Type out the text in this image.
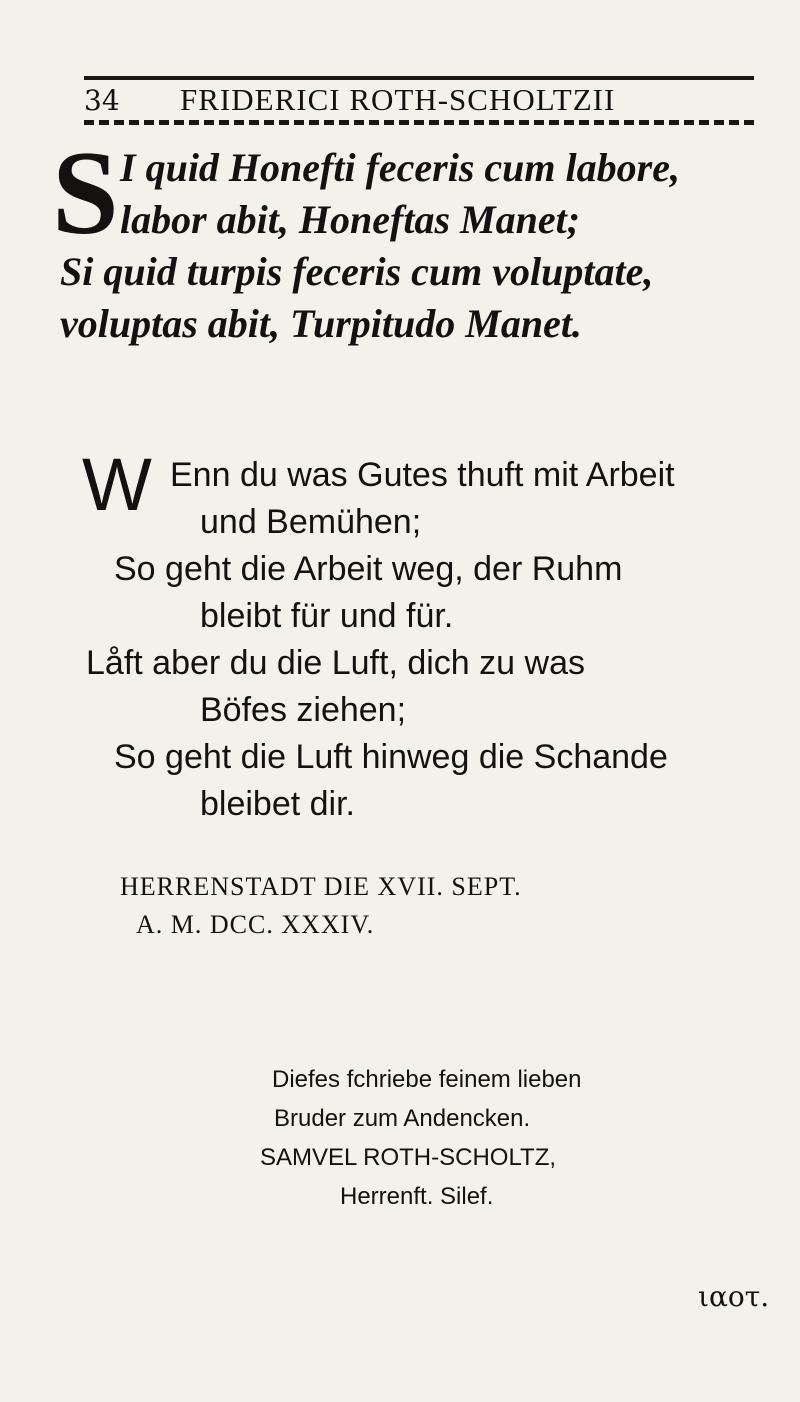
34 FRIDERICI ROTH-SCHOLTZII
S I quid Honefti feceris cum labore,
labor abit, Honeftas Manet;
Si quid turpis feceris cum voluptate,
voluptas abit, Turpitudo Manet.
W Enn du was Gutes thuft mit Arbeit
und Bemühen;
So geht die Arbeit weg, der Ruhm
bleibt für und für.
Låft aber du die Luft, dich zu was
Böfes ziehen;
So geht die Luft hinweg die Schande
bleibet dir.
HERRENSTADT DIE XVII. SEPT.
A. M. DCC. XXXIV.
Diefes fchriebe feinem lieben
Bruder zum Andencken.
SAMVEL ROTH-SCHOLTZ,
Herrenft. Silef.
ιαοτ.
